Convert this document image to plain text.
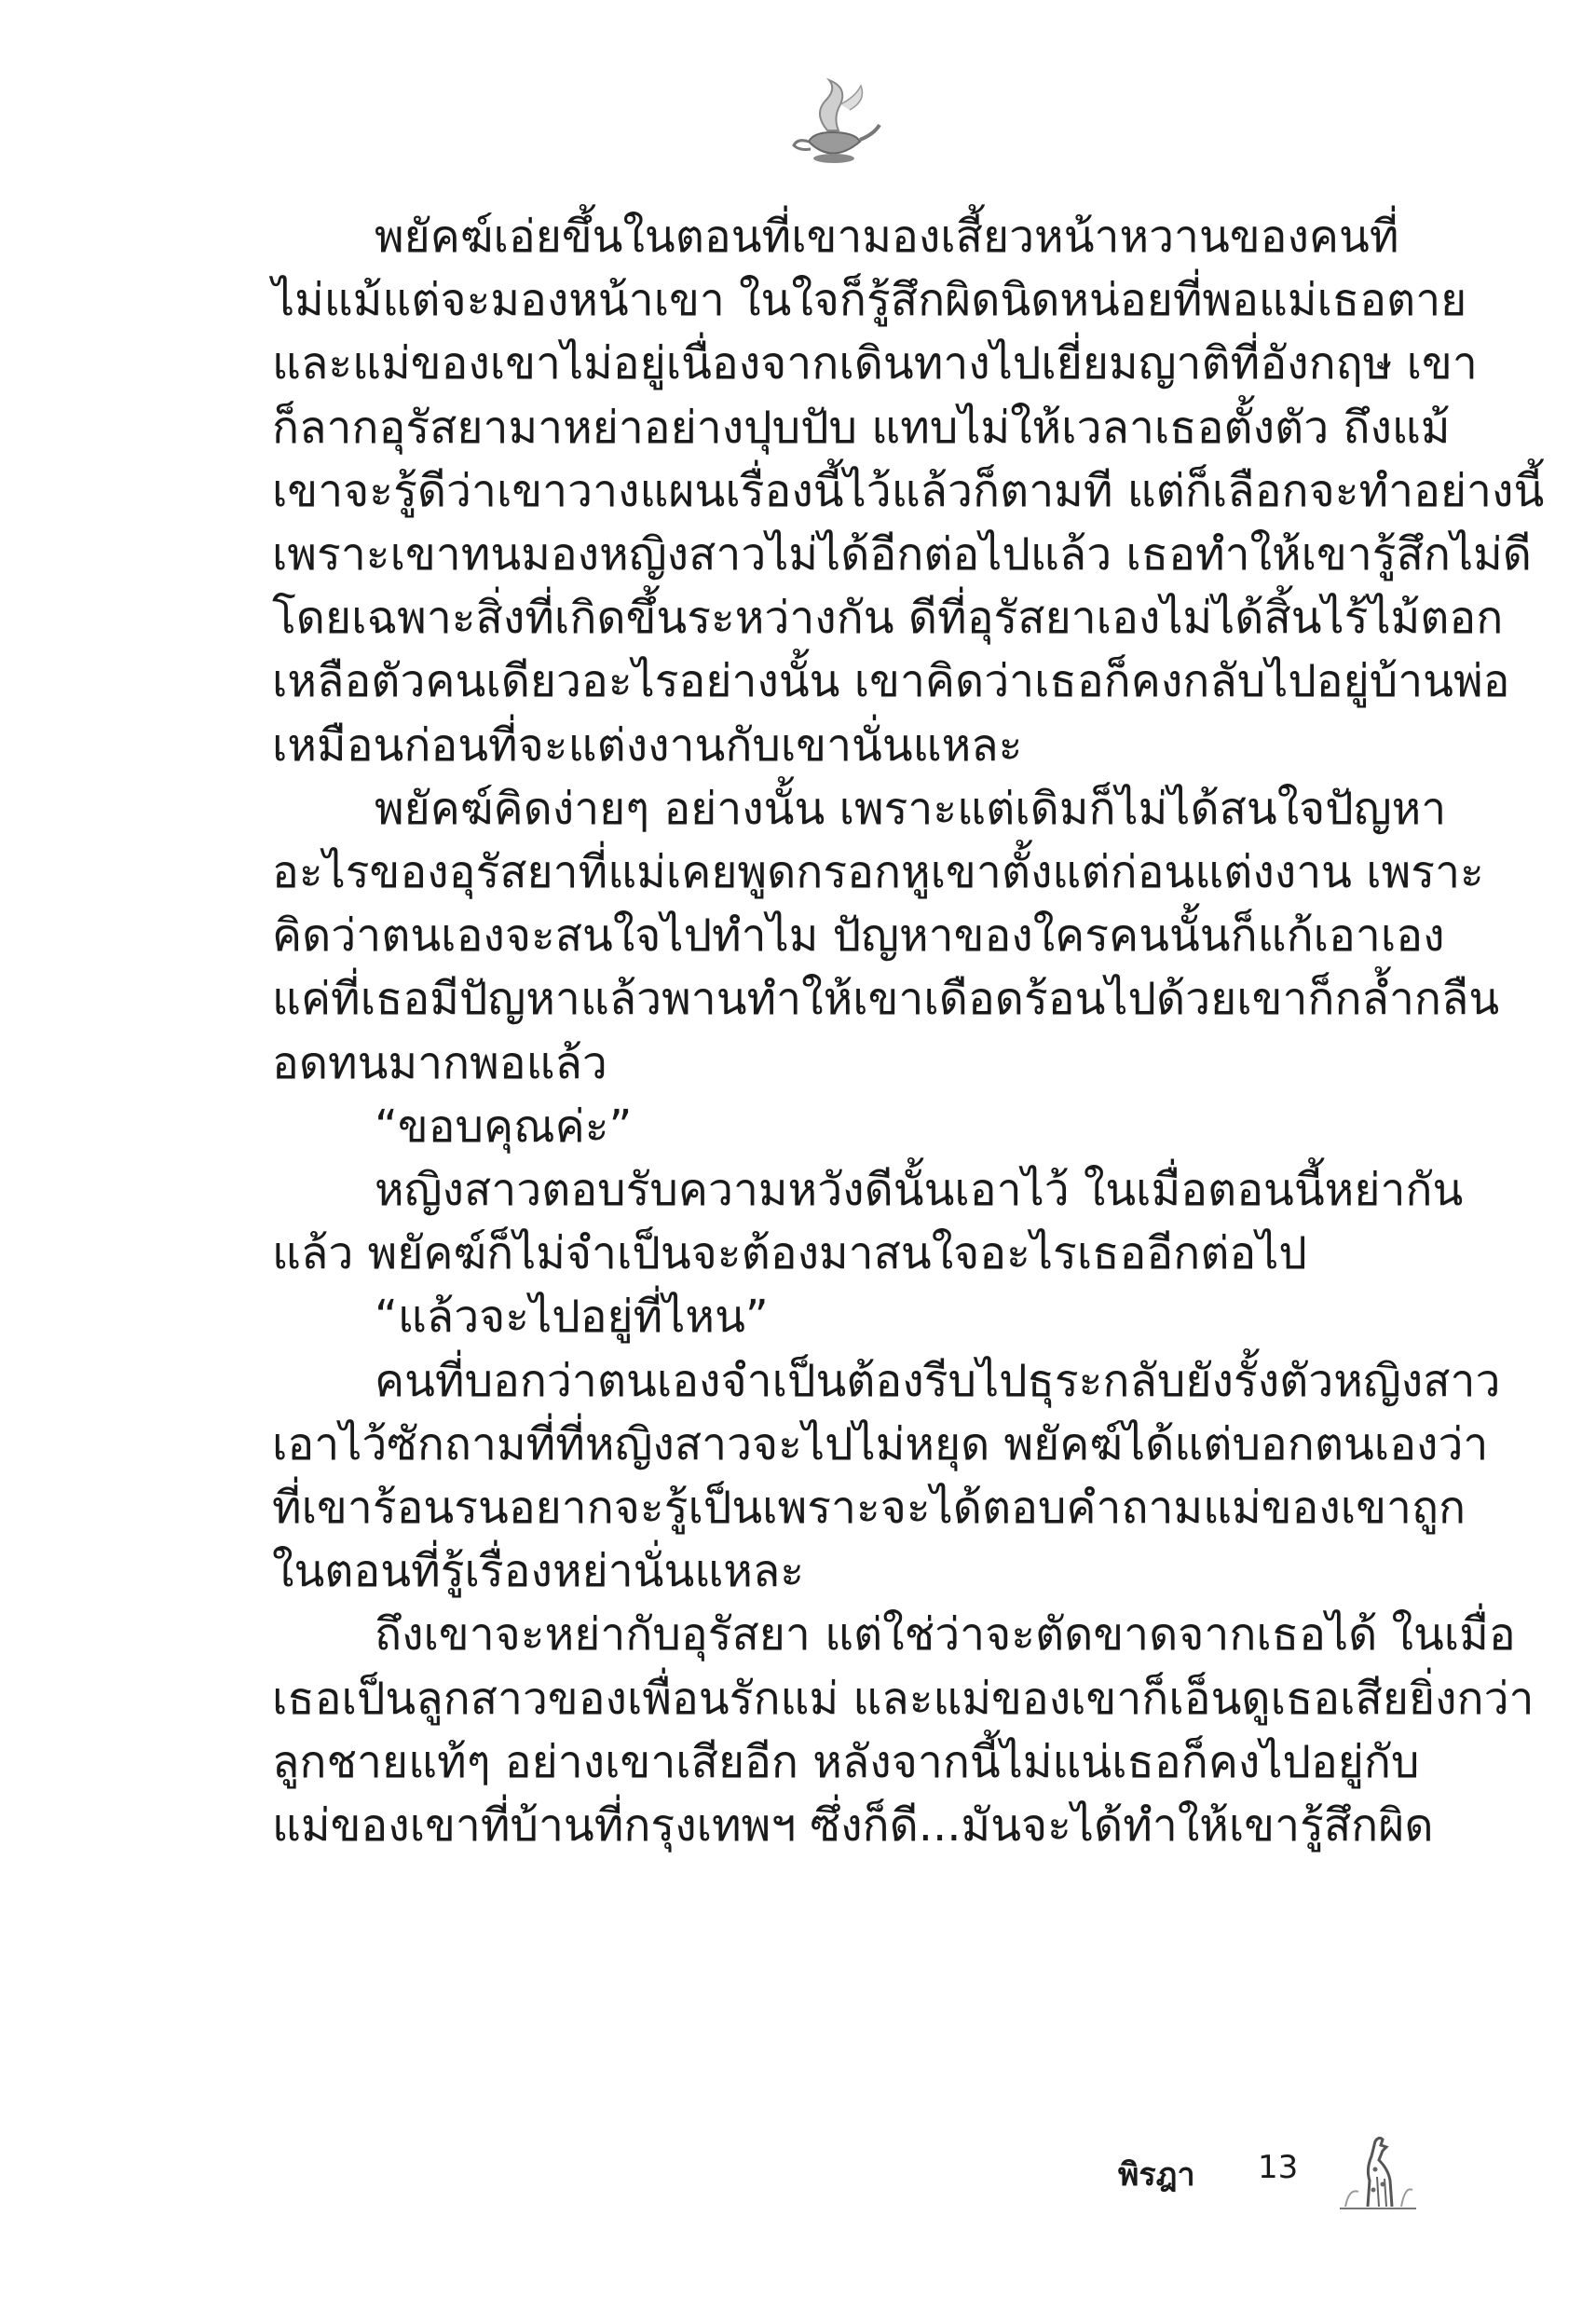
พยัคฆ์เอ่ยขึ้นในตอนที่เขามองเสี้ยวหน้าหวานของคนที่
ไม่แม้แต่จะมองหน้าเขา ในใจก็รู้สึกผิดนิดหน่อยที่พอแม่เธอตาย
และแม่ของเขาไม่อยู่เนื่องจากเดินทางไปเยี่ยมญาติที่อังกฤษ เขา
ก็ลากอุรัสยามาหย่าอย่างปุบปับ แทบไม่ให้เวลาเธอตั้งตัว ถึงแม้
เขาจะรู้ดีว่าเขาวางแผนเรื่องนี้ไว้แล้วก็ตามที แต่ก็เลือกจะทำอย่างนี้
เพราะเขาทนมองหญิงสาวไม่ได้อีกต่อไปแล้ว เธอทำให้เขารู้สึกไม่ดี
โดยเฉพาะสิ่งที่เกิดขึ้นระหว่างกัน ดีที่อุรัสยาเองไม่ได้สิ้นไร้ไม้ตอก
เหลือตัวคนเดียวอะไรอย่างนั้น เขาคิดว่าเธอก็คงกลับไปอยู่บ้านพ่อ
เหมือนก่อนที่จะแต่งงานกับเขานั่นแหละ
พยัคฆ์คิดง่ายๆ อย่างนั้น เพราะแต่เดิมก็ไม่ได้สนใจปัญหา
อะไรของอุรัสยาที่แม่เคยพูดกรอกหูเขาตั้งแต่ก่อนแต่งงาน เพราะ
คิดว่าตนเองจะสนใจไปทำไม ปัญหาของใครคนนั้นก็แก้เอาเอง
แค่ที่เธอมีปัญหาแล้วพานทำให้เขาเดือดร้อนไปด้วยเขาก็กล้ำกลืน
อดทนมากพอแล้ว
“ขอบคุณค่ะ”
หญิงสาวตอบรับความหวังดีนั้นเอาไว้ ในเมื่อตอนนี้หย่ากัน
แล้ว พยัคฆ์ก็ไม่จำเป็นจะต้องมาสนใจอะไรเธออีกต่อไป
“แล้วจะไปอยู่ที่ไหน”
คนที่บอกว่าตนเองจำเป็นต้องรีบไปธุระกลับยังรั้งตัวหญิงสาว
เอาไว้ซักถามที่ที่หญิงสาวจะไปไม่หยุด พยัคฆ์ได้แต่บอกตนเองว่า
ที่เขาร้อนรนอยากจะรู้เป็นเพราะจะได้ตอบคำถามแม่ของเขาถูก
ในตอนที่รู้เรื่องหย่านั่นแหละ
ถึงเขาจะหย่ากับอุรัสยา แต่ใช่ว่าจะตัดขาดจากเธอได้ ในเมื่อ
เธอเป็นลูกสาวของเพื่อนรักแม่ และแม่ของเขาก็เอ็นดูเธอเสียยิ่งกว่า
ลูกชายแท้ๆ อย่างเขาเสียอีก หลังจากนี้ไม่แน่เธอก็คงไปอยู่กับ
แม่ของเขาที่บ้านที่กรุงเทพฯ ซึ่งก็ดี...มันจะได้ทำให้เขารู้สึกผิด
พิรฎา 13
